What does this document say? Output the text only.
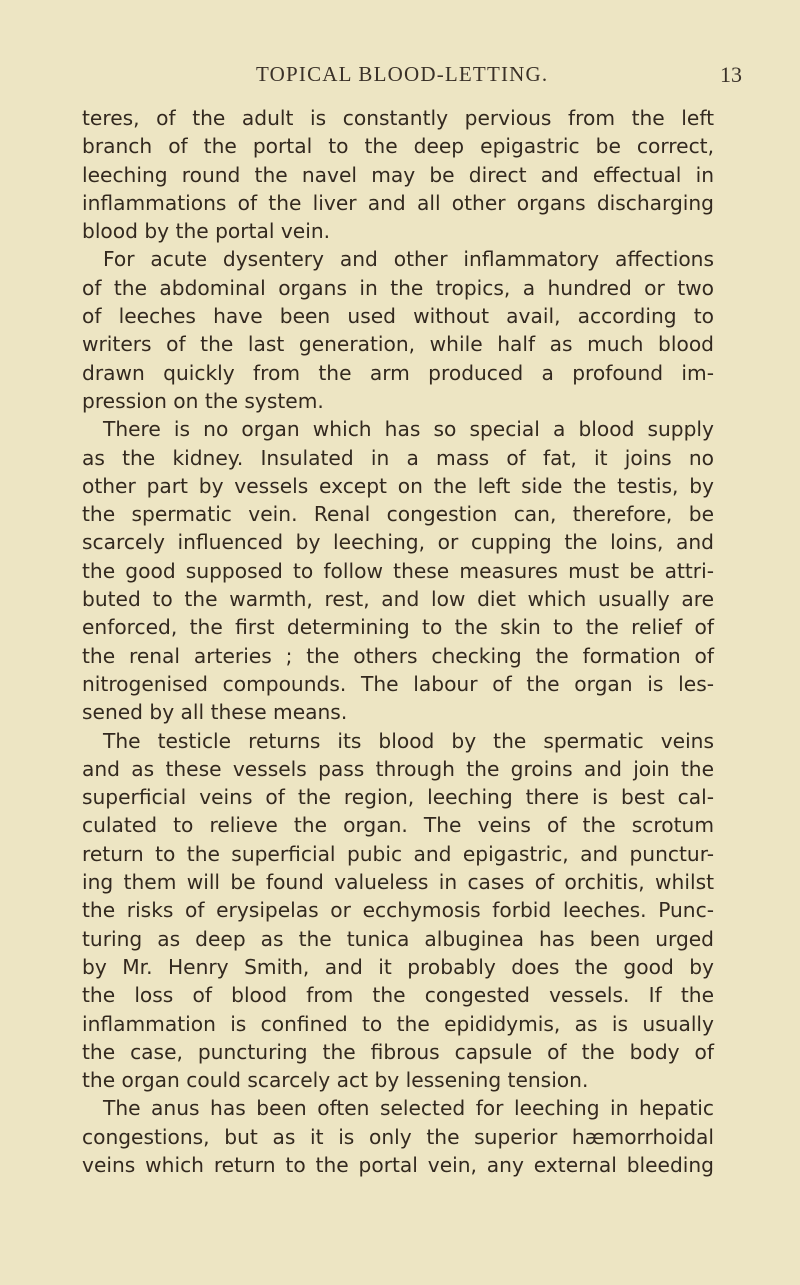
TOPICAL BLOOD-LETTING.	13
teres, of the adult is constantly pervious from the left
branch of the portal to the deep epigastric be correct,
leeching round the navel may be direct and effectual in
inflammations of the liver and all other organs discharging
blood by the portal vein.
For acute dysentery and other inflammatory affections
of the abdominal organs in the tropics, a hundred or two
of leeches have been used without avail, according to
writers of the last generation, while half as much blood
drawn quickly from the arm produced a profound im-
pression on the system.
There is no organ which has so special a blood supply
as the kidney. Insulated in a mass of fat, it joins no
other part by vessels except on the left side the testis, by
the spermatic vein. Renal congestion can, therefore, be
scarcely influenced by leeching, or cupping the loins, and
the good supposed to follow these measures must be attri-
buted to the warmth, rest, and low diet which usually are
enforced, the first determining to the skin to the relief of
the renal arteries ; the others checking the formation of
nitrogenised compounds. The labour of the organ is les-
sened by all these means.
The testicle returns its blood by the spermatic veins
and as these vessels pass through the groins and join the
superficial veins of the region, leeching there is best cal-
culated to relieve the organ. The veins of the scrotum
return to the superficial pubic and epigastric, and punctur-
ing them will be found valueless in cases of orchitis, whilst
the risks of erysipelas or ecchymosis forbid leeches. Punc-
turing as deep as the tunica albuginea has been urged
by Mr. Henry Smith, and it probably does the good by
the loss of blood from the congested vessels. If the
inflammation is confined to the epididymis, as is usually
the case, puncturing the fibrous capsule of the body of
the organ could scarcely act by lessening tension.
The anus has been often selected for leeching in hepatic
congestions, but as it is only the superior hæmorrhoidal
veins which return to the portal vein, any external bleeding
